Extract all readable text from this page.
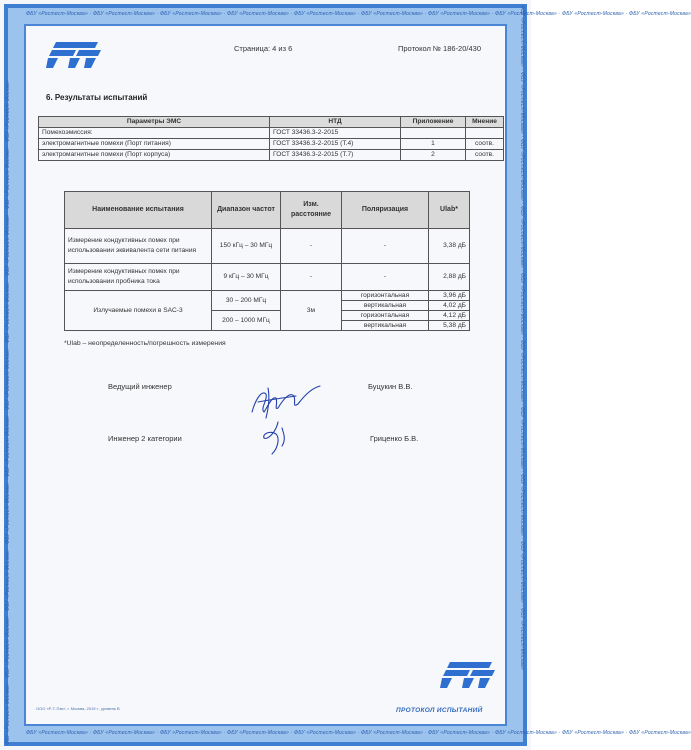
ФБУ «Ростест-Москва» · ФБУ «Ростест-Москва» · ФБУ «Ростест-Москва» · ФБУ «Ростест-Москва» · ФБУ «Ростест-Москва» · ФБУ «Ростест-Москва» · ФБУ «Ростест-Москва» · ФБУ «Ростест-Москва» · ФБУ «Ростест-Москва» · ФБУ «Ростест-Москва»
ФБУ «Ростест-Москва» · ФБУ «Ростест-Москва» · ФБУ «Ростест-Москва» · ФБУ «Ростест-Москва» · ФБУ «Ростест-Москва» · ФБУ «Ростест-Москва» · ФБУ «Ростест-Москва» · ФБУ «Ростест-Москва» · ФБУ «Ростест-Москва» · ФБУ «Ростест-Москва»
ФБУ «Ростест-Москва» · ФБУ «Ростест-Москва» · ФБУ «Ростест-Москва» · ФБУ «Ростест-Москва» · ФБУ «Ростест-Москва» · ФБУ «Ростест-Москва» · ФБУ «Ростест-Москва» · ФБУ «Ростест-Москва» · ФБУ «Ростест-Москва» · ФБУ «Ростест-Москва»	ФБУ «Ростест-Москва» · ФБУ «Ростест-Москва» · ФБУ «Ростест-Москва» · ФБУ «Ростест-Москва» · ФБУ «Ростест-Москва» · ФБУ «Ростест-Москва» · ФБУ «Ростест-Москва» · ФБУ «Ростест-Москва» · ФБУ «Ростест-Москва» · ФБУ «Ростест-Москва»
Страница: 4 из 6	Протокол № 186-20/430
6. Результаты испытаний
Параметры ЭМС	НТД	Приложение	Мнение
Помехоэмиссия:	ГОСТ 33436.3-2-2015		
электромагнитные помехи (Порт питания)	ГОСТ 33436.3-2-2015 (Т.4)	1	соотв.
электромагнитные помехи (Порт корпуса)	ГОСТ 33436.3-2-2015 (Т.7)	2	соотв.
Наименование испытания	Диапазон частот	Изм. расстояние	Поляризация	Ulab*
Измерение кондуктивных помех при использовании эквивалента сети питания	150 кГц – 30 МГц	-	-	3,38 дБ
Измерение кондуктивных помех при использовании пробника тока	9 кГц – 30 МГц	-	-	2,88 дБ
Излучаемые помехи в SAC-3	30 – 200 МГц	3м	горизонтальная	3,96 дБ
			вертикальная	4,02 дБ
	200 – 1000 МГц		горизонтальная	4,12 дБ
			вертикальная	5,38 дБ
*Ulab – неопределенность/погрешность измерения
Ведущий инженер	Буцукин В.В.
Инженер 2 категории	Гриценко Б.В.
ООО «Р-Т-Пэк», г. Москва, 2019 г., уровень В	ПРОТОКОЛ ИСПЫТАНИЙ
